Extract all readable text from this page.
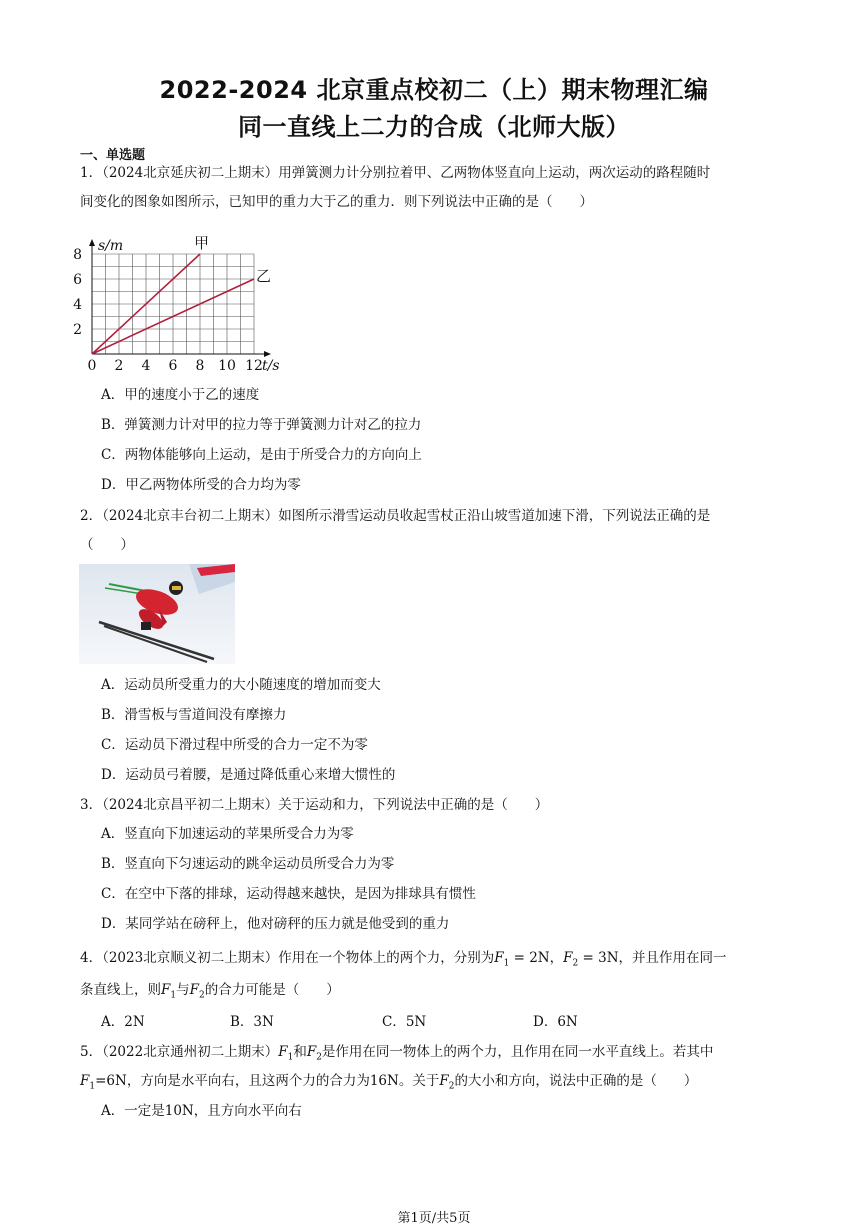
2022-2024 北京重点校初二（上）期末物理汇编
同一直线上二力的合成（北师大版）
一、单选题
1．（2024北京延庆初二上期末）用弹簧测力计分别拉着甲、乙两物体竖直向上运动，两次运动的路程随时
间变化的图象如图所示，已知甲的重力大于乙的重力．则下列说法中正确的是（　　）
0 2 4 6 8 10 12
2
4
6
8
s/m
t/s
甲
乙
A．甲的速度小于乙的速度
B．弹簧测力计对甲的拉力等于弹簧测力计对乙的拉力
C．两物体能够向上运动，是由于所受合力的方向向上
D．甲乙两物体所受的合力均为零
2．（2024北京丰台初二上期末）如图所示滑雪运动员收起雪杖正沿山坡雪道加速下滑，下列说法正确的是
（　　）
A．运动员所受重力的大小随速度的增加而变大
B．滑雪板与雪道间没有摩擦力
C．运动员下滑过程中所受的合力一定不为零
D．运动员弓着腰，是通过降低重心来增大惯性的
3．（2024北京昌平初二上期末）关于运动和力，下列说法中正确的是（　　）
A．竖直向下加速运动的苹果所受合力为零
B．竖直向下匀速运动的跳伞运动员所受合力为零
C．在空中下落的排球，运动得越来越快，是因为排球具有惯性
D．某同学站在磅秤上，他对磅秤的压力就是他受到的重力
4．（2023北京顺义初二上期末）作用在一个物体上的两个力，分别为$F_1 = 2N$，$F_2 = 3N$，并且作用在同一
条直线上，则$F_1$与$F_2$的合力可能是（　　）
A．2N	B．3N	C．5N	D．6N
5．（2022北京通州初二上期末）$F_1$和$F_2$是作用在同一物体上的两个力，且作用在同一水平直线上。若其中
$F_1=6N$，方向是水平向右，且这两个力的合力为16N。关于$F_2$的大小和方向，说法中正确的是（　　）
A．一定是10N，且方向水平向右
第1页/共5页
